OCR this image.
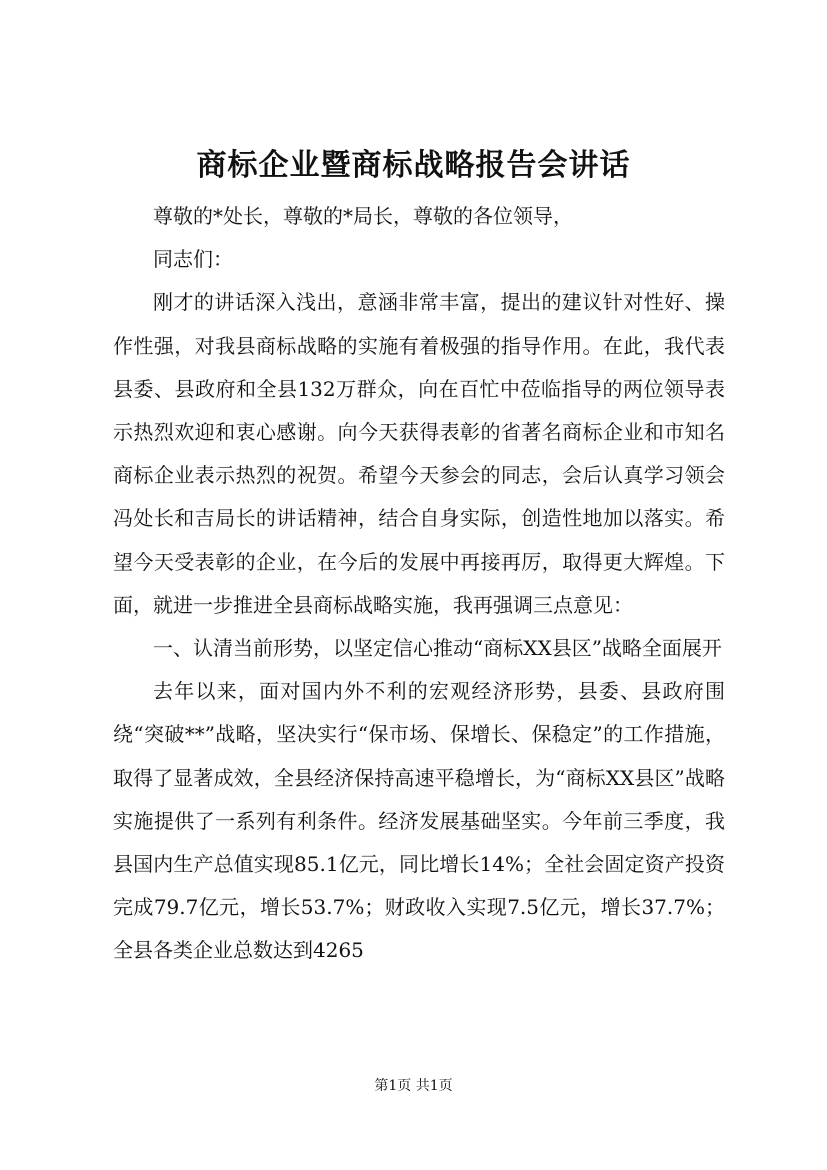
商标企业暨商标战略报告会讲话

尊敬的*处长，尊敬的*局长，尊敬的各位领导，

同志们：

刚才的讲话深入浅出，意涵非常丰富，提出的建议针对性好、操作性强，对我县商标战略的实施有着极强的指导作用。在此，我代表县委、县政府和全县132万群众，向在百忙中莅临指导的两位领导表示热烈欢迎和衷心感谢。向今天获得表彰的省著名商标企业和市知名商标企业表示热烈的祝贺。希望今天参会的同志，会后认真学习领会冯处长和吉局长的讲话精神，结合自身实际，创造性地加以落实。希望今天受表彰的企业，在今后的发展中再接再厉，取得更大辉煌。下面，就进一步推进全县商标战略实施，我再强调三点意见：

一、认清当前形势，以坚定信心推动“商标XX县区”战略全面展开

去年以来，面对国内外不利的宏观经济形势，县委、县政府围绕“突破**”战略，坚决实行“保市场、保增长、保稳定”的工作措施，取得了显著成效，全县经济保持高速平稳增长，为“商标XX县区”战略实施提供了一系列有利条件。经济发展基础坚实。今年前三季度，我县国内生产总值实现85.1亿元，同比增长14%；全社会固定资产投资完成79.7亿元，增长53.7%；财政收入实现7.5亿元，增长37.7%；全县各类企业总数达到4265

第1页 共1页
